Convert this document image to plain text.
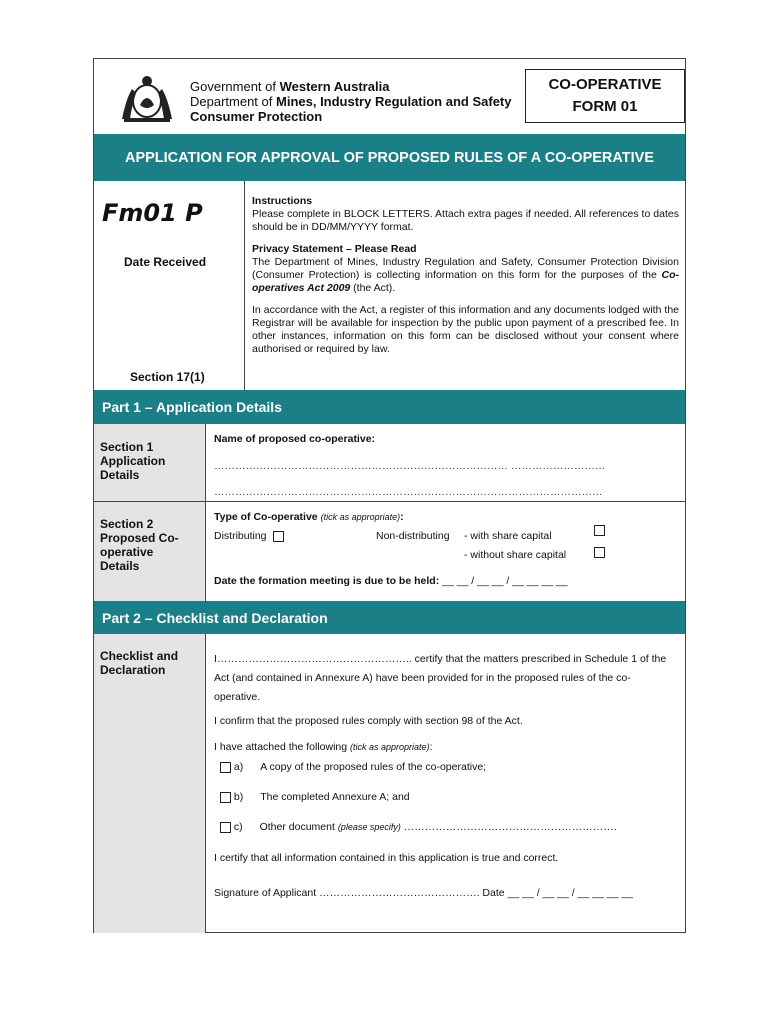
Government of Western Australia
Department of Mines, Industry Regulation and Safety
Consumer Protection
CO-OPERATIVE
FORM 01
APPLICATION FOR APPROVAL OF PROPOSED RULES OF A CO-OPERATIVE
Fm01 P
Date Received
Section 17(1)
Instructions
Please complete in BLOCK LETTERS. Attach extra pages if needed. All references to dates should be in DD/MM/YYYY format.
Privacy Statement – Please Read
The Department of Mines, Industry Regulation and Safety, Consumer Protection Division (Consumer Protection) is collecting information on this form for the purposes of the Co-operatives Act 2009 (the Act).
In accordance with the Act, a register of this information and any documents lodged with the Registrar will be available for inspection by the public upon payment of a prescribed fee. In other instances, information on this form can be disclosed without your consent where authorised or required by law.
Part 1 – Application Details
Section 1 Application Details
Name of proposed co-operative:
………………………………………………………………………… ………………………
…………………………………………………………………………………………………
Section 2 Proposed Co-operative Details
Type of Co-operative (tick as appropriate):
Distributing	Non-distributing - with share capital
- without share capital
Date the formation meeting is due to be held: __ __ / __ __ / __ __ __ __
Part 2 – Checklist and Declaration
Checklist and Declaration
I……………………………………………….. certify that the matters prescribed in Schedule 1 of the Act (and contained in Annexure A) have been provided for in the proposed rules of the co-operative.
I confirm that the proposed rules comply with section 98 of the Act.
I have attached the following (tick as appropriate):
a) A copy of the proposed rules of the co-operative;
b) The completed Annexure A; and
c) Other document (please specify) …………………………………………………….
I certify that all information contained in this application is true and correct.
Signature of Applicant ………………………………………. Date __ __ / __ __ / __ __ __ __
